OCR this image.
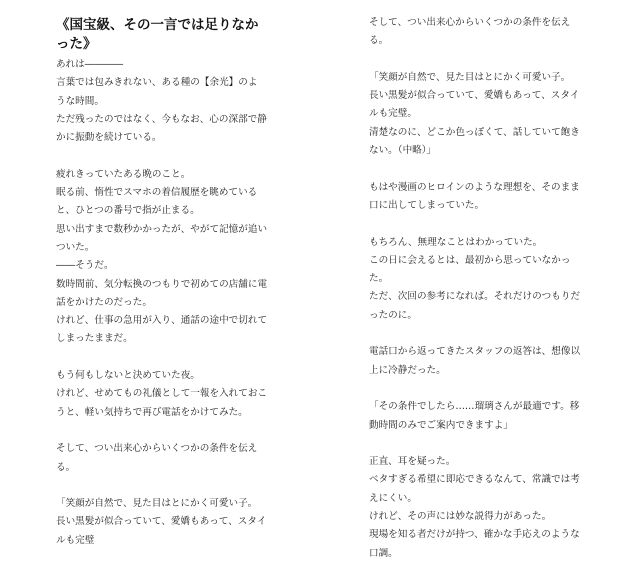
《国宝級、その一言では足りなかった》
あれは――――
言葉では包みきれない、ある種の【余光】のよ
うな時間。
ただ残ったのではなく、今もなお、心の深部で静
かに振動を続けている。
疲れきっていたある晩のこと。
眠る前、惰性でスマホの着信履歴を眺めている
と、ひとつの番号で指が止まる。
思い出すまで数秒かかったが、やがて記憶が追い
ついた。
――そうだ。
数時間前、気分転換のつもりで初めての店舗に電
話をかけたのだった。
けれど、仕事の急用が入り、通話の途中で切れて
しまったままだ。
もう何もしないと決めていた夜。
けれど、せめてもの礼儀として一報を入れておこ
うと、軽い気持ちで再び電話をかけてみた。
そして、つい出来心からいくつかの条件を伝え
る。
「笑顔が自然で、見た目はとにかく可愛い子。
長い黒髪が似合っていて、愛嬌もあって、スタイ
ルも完璧
そして、つい出来心からいくつかの条件を伝え
る。
「笑顔が自然で、見た目はとにかく可愛い子。
長い黒髪が似合っていて、愛嬌もあって、スタイ
ルも完璧。
清楚なのに、どこか色っぽくて、話していて飽き
ない。（中略）」
もはや漫画のヒロインのような理想を、そのまま
口に出してしまっていた。
もちろん、無理なことはわかっていた。
この日に会えるとは、最初から思っていなかっ
た。
ただ、次回の参考になれば。それだけのつもりだ
ったのに。
電話口から返ってきたスタッフの返答は、想像以
上に冷静だった。
「その条件でしたら……瑠璃さんが最適です。移
動時間のみでご案内できますよ」
正直、耳を疑った。
ベタすぎる希望に即応できるなんて、常識では考
えにくい。
けれど、その声には妙な説得力があった。
現場を知る者だけが持つ、確かな手応えのような
口調。
